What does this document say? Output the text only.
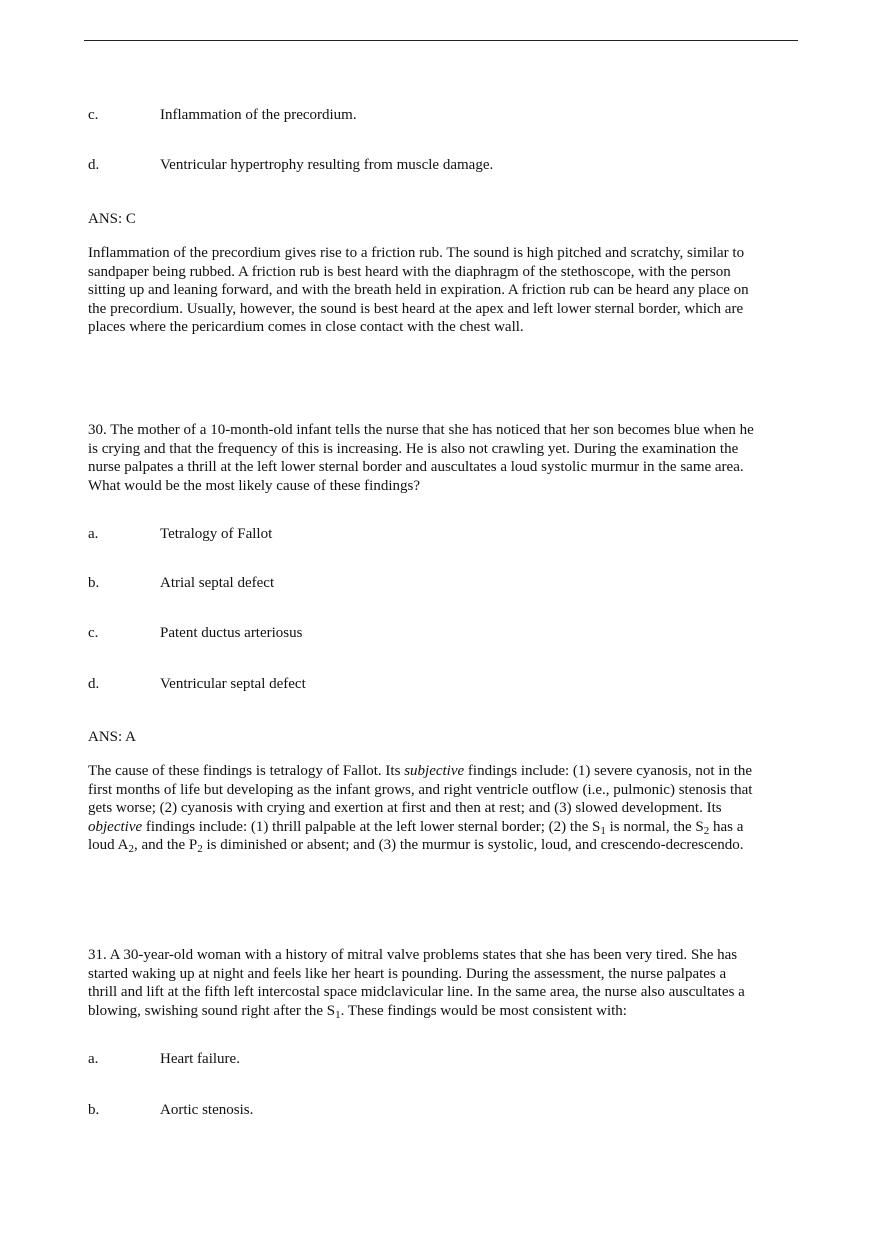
c.	Inflammation of the precordium.
d.	Ventricular hypertrophy resulting from muscle damage.
ANS: C
Inflammation of the precordium gives rise to a friction rub. The sound is high pitched and scratchy, similar to
sandpaper being rubbed. A friction rub is best heard with the diaphragm of the stethoscope, with the person
sitting up and leaning forward, and with the breath held in expiration. A friction rub can be heard any place on
the precordium. Usually, however, the sound is best heard at the apex and left lower sternal border, which are
places where the pericardium comes in close contact with the chest wall.
30. The mother of a 10-month-old infant tells the nurse that she has noticed that her son becomes blue when he
is crying and that the frequency of this is increasing. He is also not crawling yet. During the examination the
nurse palpates a thrill at the left lower sternal border and auscultates a loud systolic murmur in the same area.
What would be the most likely cause of these findings?
a.	Tetralogy of Fallot
b.	Atrial septal defect
c.	Patent ductus arteriosus
d.	Ventricular septal defect
ANS: A
The cause of these findings is tetralogy of Fallot. Its subjective findings include: (1) severe cyanosis, not in the
first months of life but developing as the infant grows, and right ventricle outflow (i.e., pulmonic) stenosis that
gets worse; (2) cyanosis with crying and exertion at first and then at rest; and (3) slowed development. Its
objective findings include: (1) thrill palpable at the left lower sternal border; (2) the $S_1$ is normal, the $S_2$ has a
loud $A_2$, and the $P_2$ is diminished or absent; and (3) the murmur is systolic, loud, and crescendo-decrescendo.
31. A 30-year-old woman with a history of mitral valve problems states that she has been very tired. She has
started waking up at night and feels like her heart is pounding. During the assessment, the nurse palpates a
thrill and lift at the fifth left intercostal space midclavicular line. In the same area, the nurse also auscultates a
blowing, swishing sound right after the $S_1$. These findings would be most consistent with:
a.	Heart failure.
b.	Aortic stenosis.
